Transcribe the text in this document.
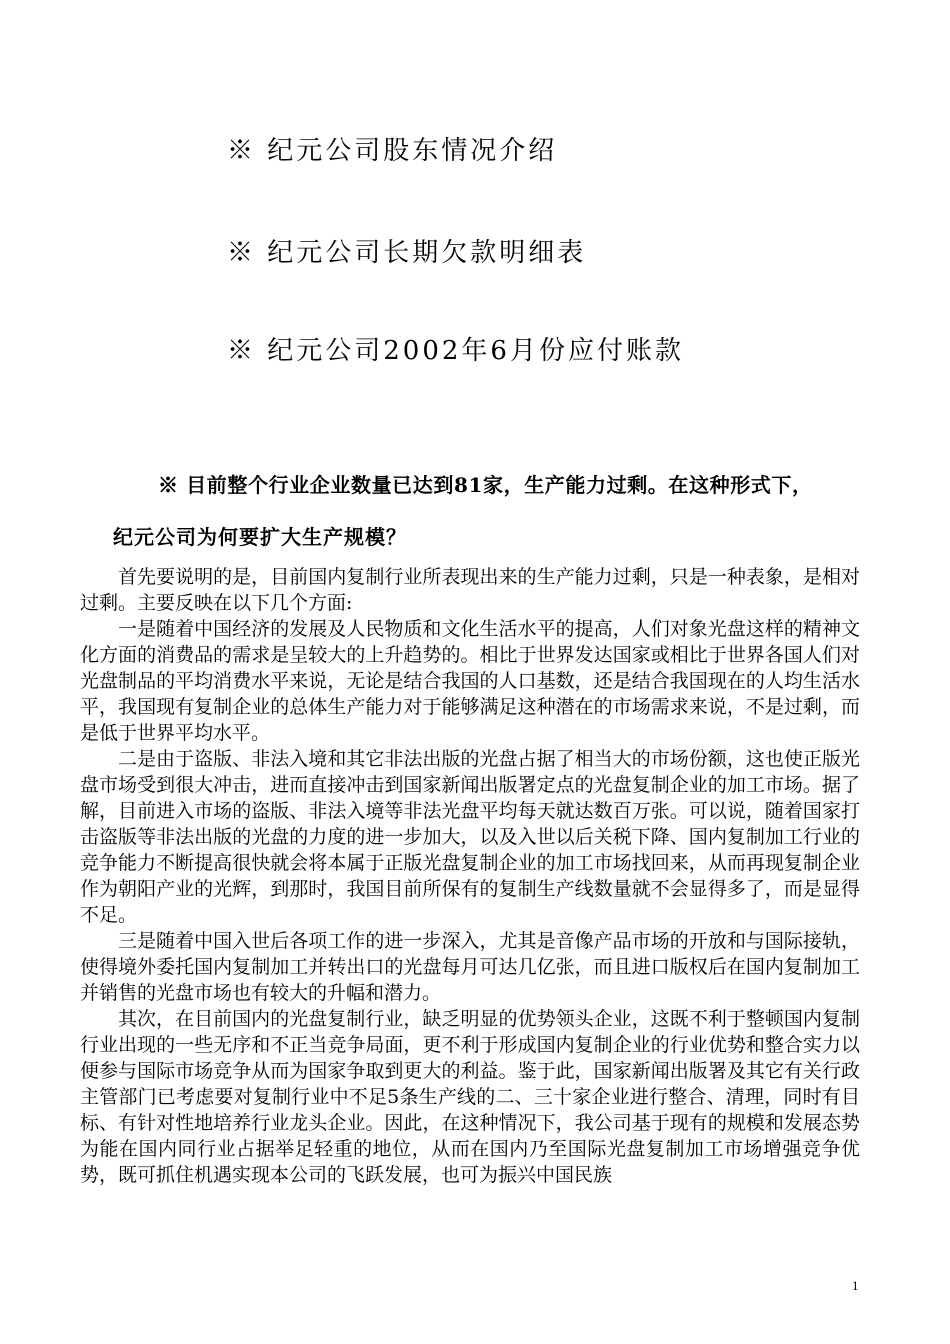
※ 纪元公司股东情况介绍
※ 纪元公司长期欠款明细表
※ 纪元公司2002年6月份应付账款
※ 目前整个行业企业数量已达到81家，生产能力过剩。在这种形式下，
纪元公司为何要扩大生产规模？

首先要说明的是，目前国内复制行业所表现出来的生产能力过剩，只是一种表象，是相对过剩。主要反映在以下几个方面:

一是随着中国经济的发展及人民物质和文化生活水平的提高，人们对象光盘这样的精神文化方面的消费品的需求是呈较大的上升趋势的。相比于世界发达国家或相比于世界各国人们对光盘制品的平均消费水平来说，无论是结合我国的人口基数，还是结合我国现在的人均生活水平，我国现有复制企业的总体生产能力对于能够满足这种潜在的市场需求来说，不是过剩，而是低于世界平均水平。

二是由于盗版、非法入境和其它非法出版的光盘占据了相当大的市场份额，这也使正版光盘市场受到很大冲击，进而直接冲击到国家新闻出版署定点的光盘复制企业的加工市场。据了解，目前进入市场的盗版、非法入境等非法光盘平均每天就达数百万张。可以说，随着国家打击盗版等非法出版的光盘的力度的进一步加大，以及入世以后关税下降、国内复制加工行业的竞争能力不断提高很快就会将本属于正版光盘复制企业的加工市场找回来，从而再现复制企业作为朝阳产业的光辉，到那时，我国目前所保有的复制生产线数量就不会显得多了，而是显得不足。

三是随着中国入世后各项工作的进一步深入，尤其是音像产品市场的开放和与国际接轨，使得境外委托国内复制加工并转出口的光盘每月可达几亿张，而且进口版权后在国内复制加工并销售的光盘市场也有较大的升幅和潜力。

其次，在目前国内的光盘复制行业，缺乏明显的优势领头企业，这既不利于整顿国内复制行业出现的一些无序和不正当竞争局面，更不利于形成国内复制企业的行业优势和整合实力以便参与国际市场竞争从而为国家争取到更大的利益。鉴于此，国家新闻出版署及其它有关行政主管部门已考虑要对复制行业中不足5条生产线的二、三十家企业进行整合、清理，同时有目标、有针对性地培养行业龙头企业。因此，在这种情况下，我公司基于现有的规模和发展态势为能在国内同行业占据举足轻重的地位，从而在国内乃至国际光盘复制加工市场增强竞争优势，既可抓住机遇实现本公司的飞跃发展，也可为振兴中国民族

1
